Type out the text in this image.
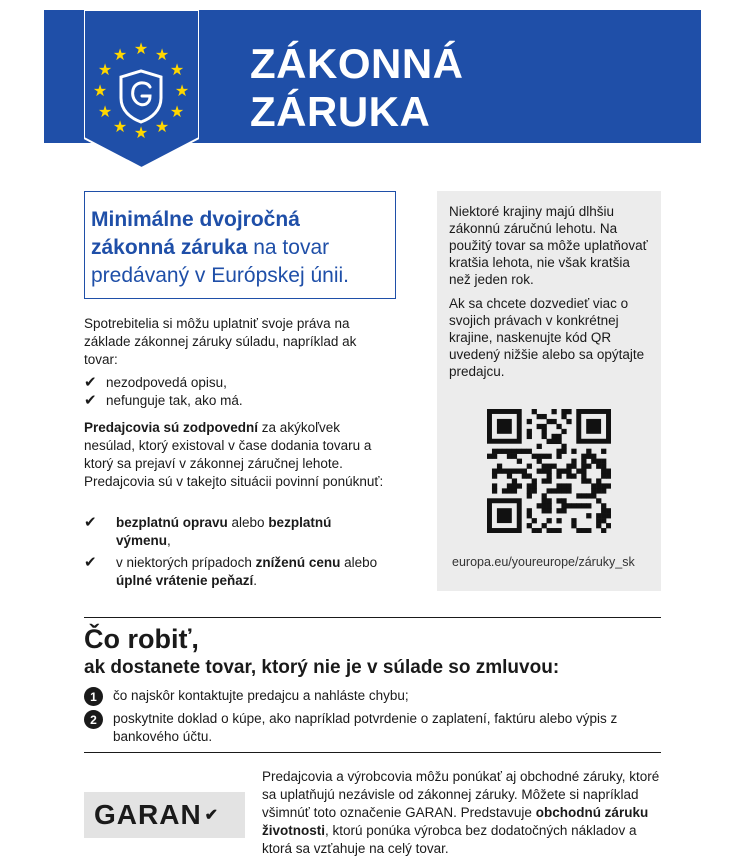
★ ★
★
★
★
★
★
★
★
★
★
★	ZÁKONNÁ
ZÁRUKA
Minimálne dvojročná zákonná záruka na tovar predávaný v Európskej únii.
Spotrebitelia si môžu uplatniť svoje práva na základe zákonnej záruky súladu, napríklad ak tovar:
✔ nezodpovedá opisu,
✔ nefunguje tak, ako má.
Predajcovia sú zodpovední za akýkoľvek nesúlad, ktorý existoval v čase dodania tovaru a ktorý sa prejaví v zákonnej záručnej lehote. Predajcovia sú v takejto situácii povinní ponúknuť:
✔	bezplatnú opravu alebo bezplatnú výmenu,
✔	v niektorých prípadoch zníženú cenu alebo úplné vrátenie peňazí.
Niektoré krajiny majú dlhšiu zákonnú záručnú lehotu. Na použitý tovar sa môže uplatňovať kratšia lehota, nie však kratšia než jeden rok.
Ak sa chcete dozvedieť viac o svojich právach v konkrétnej krajine, naskenujte kód QR uvedený nižšie alebo sa opýtajte predajcu.
europa.eu/youreurope/záruky_sk
Čo robiť,
ak dostanete tovar, ktorý nie je v súlade so zmluvou:
1	čo najskôr kontaktujte predajcu a nahláste chybu;
2	poskytnite doklad o kúpe, ako napríklad potvrdenie o zaplatení, faktúru alebo výpis z bankového účtu.
GARAN ✔
Predajcovia a výrobcovia môžu ponúkať aj obchodné záruky, ktoré sa uplatňujú nezávisle od zákonnej záruky. Môžete si napríklad všimnúť toto označenie GARAN. Predstavuje obchodnú záruku životnosti, ktorú ponúka výrobca bez dodatočných nákladov a ktorá sa vzťahuje na celý tovar.
